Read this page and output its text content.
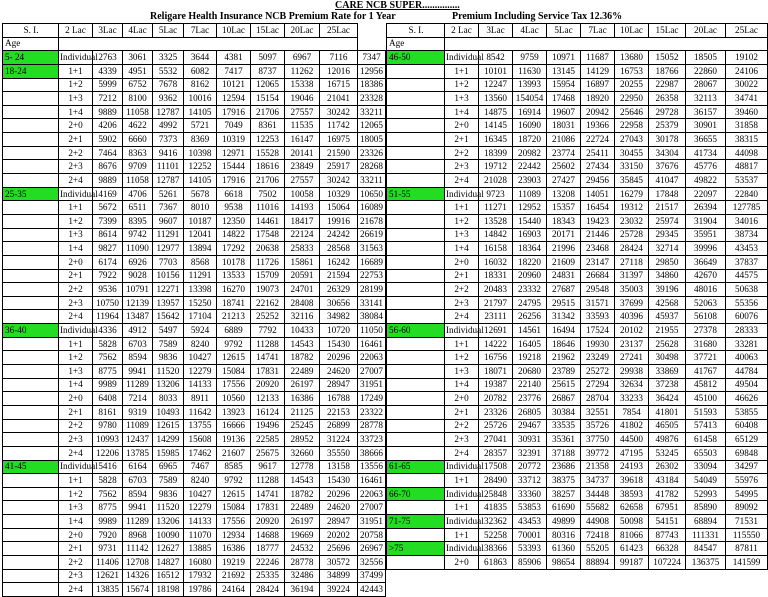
CARE NCB SUPER...............
Religare Health Insurance NCB Premium Rate for 1 Year	Premium Including Service Tax 12.36%
S. I.	2 Lac	3Lac	4Lac	5Lac	7Lac	10Lac	15Lac	20Lac	25Lac	
Age										
5- 24	Individual	2763	3061	3325	3644	4381	5097	6967	7116	7347
18-24	1+1	4339	4951	5532	6082	7417	8737	11262	12016	12956
	1+2	5999	6752	7678	8162	10121	12065	15338	16715	18386
	1+3	7212	8100	9362	10016	12594	15154	19046	21041	23328
	1+4	9889	11058	12787	14105	17916	21706	27557	30242	33211
	2+0	4206	4622	4992	5721	7049	8361	11535	11742	12065
	2+1	5902	6660	7373	8369	10319	12253	16147	16975	18005
	2+2	7464	8363	9416	10398	12971	15528	20141	21590	23326
	2+3	8676	9709	11101	12252	15444	18616	23849	25917	28268
	2+4	9889	11058	12787	14105	17916	21706	27557	30242	33211
25-35	Individual	4169	4706	5261	5678	6618	7502	10058	10329	10650
	1+1	5672	6511	7367	8010	9538	11016	14193	15064	16089
	1+2	7399	8395	9607	10187	12350	14461	18417	19916	21678
	1+3	8614	9742	11291	12041	14822	17548	22124	24242	26619
	1+4	9827	11090	12977	13894	17292	20638	25833	28568	31563
	2+0	6174	6926	7703	8568	10178	11726	15861	16242	16689
	2+1	7922	9028	10156	11291	13533	15709	20591	21594	22753
	2+2	9536	10791	12271	13398	16270	19073	24701	26329	28199
	2+3	10750	12139	13957	15250	18741	22162	28408	30656	33141
	2+4	11964	13487	15642	17104	21213	25252	32116	34982	38084
36-40	Individual	4336	4912	5497	5924	6889	7792	10433	10720	11050
	1+1	5828	6703	7589	8240	9792	11288	14543	15430	16461
	1+2	7562	8594	9836	10427	12615	14741	18782	20296	22063
	1+3	8775	9941	11520	12279	15084	17831	22489	24620	27007
	1+4	9989	11289	13206	14133	17556	20920	26197	28947	31951
	2+0	6408	7214	8033	8911	10560	12133	16386	16788	17249
	2+1	8161	9319	10493	11642	13923	16124	21125	22153	23322
	2+2	9780	11089	12615	13755	16666	19496	25245	26899	28778
	2+3	10993	12437	14299	15608	19136	22585	28952	31224	33723
	2+4	12206	13785	15985	17462	21607	25675	32660	35550	38666
41-45	Individual	5416	6164	6965	7467	8585	9617	12778	13158	13556
	1+1	5828	6703	7589	8240	9792	11288	14543	15430	16461
	1+2	7562	8594	9836	10427	12615	14741	18782	20296	22063
	1+3	8775	9941	11520	12279	15084	17831	22489	24620	27007
	1+4	9989	11289	13206	14133	17556	20920	26197	28947	31951
	2+0	7920	8968	10090	11070	12934	14688	19669	20202	20758
	2+1	9731	11142	12627	13885	16386	18777	24532	25696	26967
	2+2	11406	12708	14827	16080	19219	22246	28778	30572	32556
	2+3	12621	14326	16512	17932	21692	25335	32486	34899	37499
	2+4	13835	15674	18198	19786	24164	28424	36194	39224	42443
S. I.	2 Lac	3Lac	4Lac	5Lac	7Lac	10Lac	15Lac	20Lac	25Lac	
Age										
46-50	Individual	8542	9759	10971	11687	13680	15052	18505	19102	
	1+1	10101	11630	13145	14129	16753	18766	22860	24106	
	1+2	12247	13993	15954	16897	20255	22987	28067	30022	
	1+3	13560	154054	17468	18920	22950	26358	32113	34741	
	1+4	14875	16914	19607	20942	25646	29728	36157	39460	
	2+0	14145	16090	18031	19366	22958	25379	30901	31858	
	2+1	16345	18720	21086	22724	27043	30178	36655	38315	
	2+2	18399	20982	23774	25411	30455	34304	41734	44098	
	2+3	19712	22442	25602	27434	33150	37676	45776	48817	
	2+4	21028	23903	27427	29456	35845	41047	49822	53537	
51-55	Individual	9723	11089	13208	14051	16279	17848	22097	22840	
	1+1	11271	12952	15357	16454	19312	21517	26394	127785	
	1+2	13528	15440	18343	19423	23032	25974	31904	34016	
	1+3	14842	16903	20171	21446	25728	29345	35951	38734	
	1+4	16158	18364	21996	23468	28424	32714	39996	43453	
	2+0	16032	18220	21609	23147	27118	29850	36649	37837	
	2+1	18331	20960	24831	26684	31397	34860	42670	44575	
	2+2	20483	23332	27687	29548	35003	39196	48016	50638	
	2+3	21797	24795	29515	31571	37699	42568	52063	55356	
	2+4	23111	26256	31342	33593	40396	45937	56108	60076	
56-60	Individual	12691	14561	16494	17524	20102	21955	27378	28333	
	1+1	14222	16405	18646	19930	23137	25628	31680	33281	
	1+2	16756	19218	21962	23249	27241	30498	37721	40063	
	1+3	18071	20680	23789	25272	29938	33869	41767	44784	
	1+4	19387	22140	25615	27294	32634	37238	45812	49504	
	2+0	20782	23776	26867	28704	33233	36424	45100	46626	
	2+1	23326	26805	30384	32551	7854	41801	51593	53855	
	2+2	25726	29467	33535	35726	41802	46505	57413	60408	
	2+3	27041	30931	35361	37750	44500	49876	61458	65129	
	2+4	28357	32391	37188	39772	47195	53245	65503	69848	
61-65	Individual	17508	20772	23686	21358	24193	26302	33094	34297	
	1+1	28490	33712	38375	34737	39618	43184	54049	55976	
66-70	Individual	25848	33360	38257	34448	38593	41782	52993	54995	
	1+1	41835	53853	61690	55682	62658	67951	85890	89092	
71-75	Individual	32362	43453	49899	44908	50098	54151	68894	71531	
	1+1	52258	70001	80316	72418	81066	87743	111331	115550	
>75	Individual	38366	53393	61360	55205	61423	66328	84547	87811	
	2+0	61863	85906	98654	88894	99187	107224	136375	141599	
